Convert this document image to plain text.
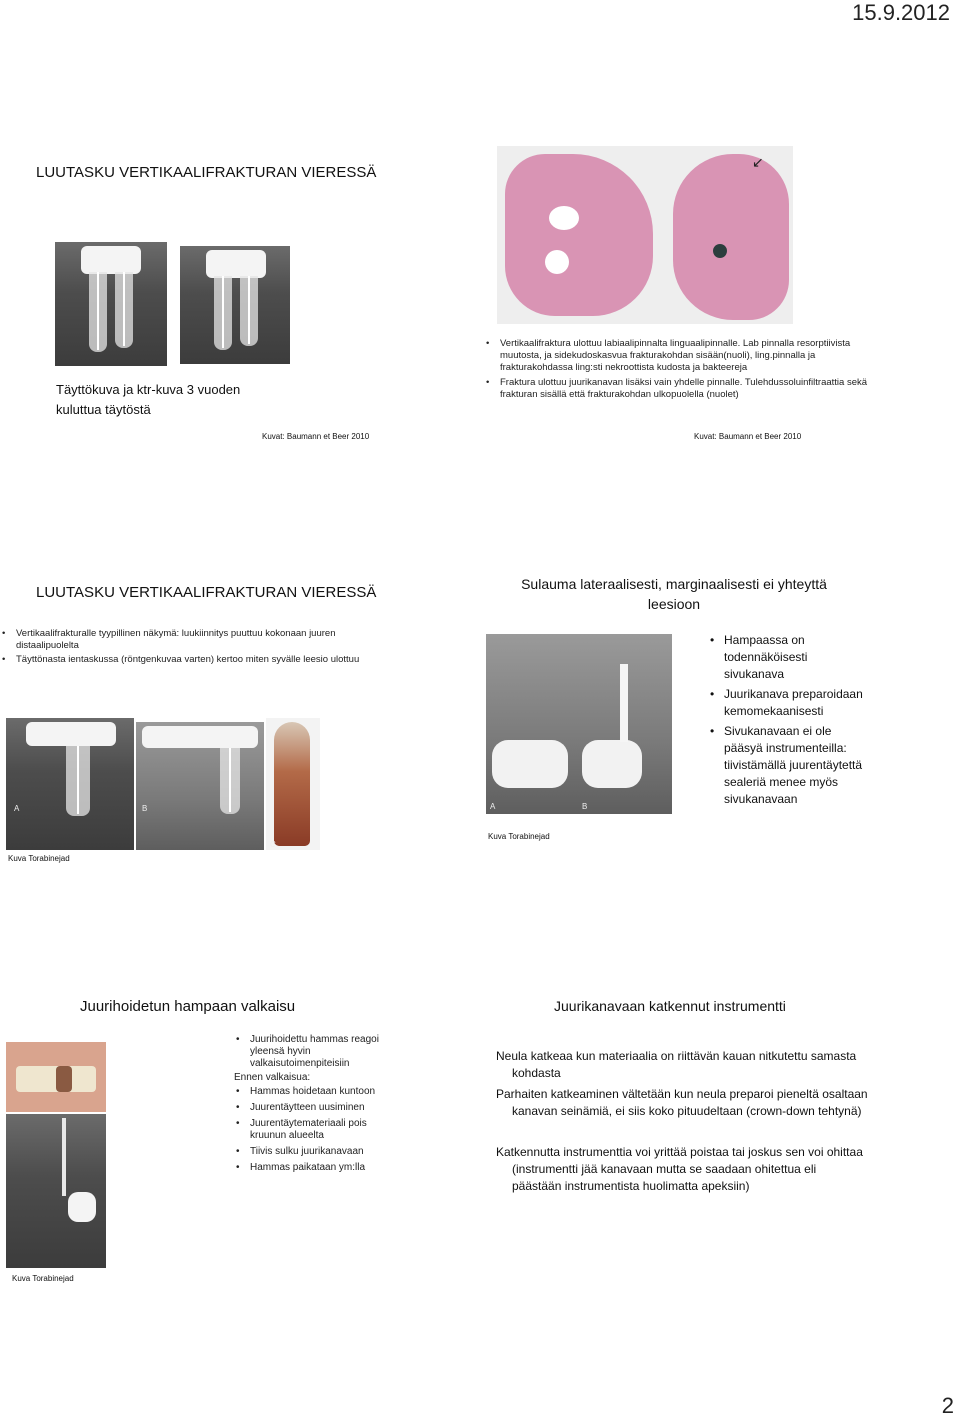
15.9.2012
LUUTASKU VERTIKAALIFRAKTURAN VIERESSÄ
Täyttökuva ja ktr-kuva 3 vuoden kuluttua täytöstä
Kuvat: Baumann et Beer 2010
↙
• Vertikaalifraktura ulottuu labiaalipinnalta linguaalipinnalle. Lab pinnalla resorptiivista muutosta, ja sidekudoskasvua frakturakohdan sisään(nuoli), ling.pinnalla ja frakturakohdassa ling:sti nekroottista kudosta ja bakteereja
• Fraktura ulottuu juurikanavan lisäksi vain yhdelle pinnalle. Tulehdussoluinfiltraattia sekä frakturan sisällä että frakturakohdan ulkopuolella (nuolet)
Kuvat: Baumann et Beer 2010
LUUTASKU VERTIKAALIFRAKTURAN VIERESSÄ
• Vertikaalifrakturalle tyypillinen näkymä: luukiinnitys puuttuu kokonaan juuren distaalipuolelta
• Täyttönasta ientaskussa (röntgenkuvaa varten) kertoo miten syvälle leesio ulottuu
A	B
C
Kuva Torabinejad
Sulauma lateraalisesti, marginaalisesti ei yhteyttä leesioon
A	B
Kuva Torabinejad
• Hampaassa on todennäköisesti sivukanava
• Juurikanava preparoidaan kemomekaanisesti
• Sivukanavaan ei ole pääsyä instrumenteilla: tiivistämällä juurentäytettä sealeriä menee myös sivukanavaan
Juurihoidetun hampaan valkaisu
Kuva Torabinejad
• Juurihoidettu hammas reagoi yleensä hyvin valkaisutoimenpiteisiin
Ennen valkaisua:
• Hammas hoidetaan kuntoon
• Juurentäytteen uusiminen
• Juurentäytemateriaali pois kruunun alueelta
• Tiivis sulku juurikanavaan
• Hammas paikataan ym:lla
Juurikanavaan katkennut instrumentti

Neula katkeaa kun materiaalia on riittävän kauan nitkutettu samasta kohdasta

Parhaiten katkeaminen vältetään kun neula preparoi pieneltä osaltaan kanavan seinämiä, ei siis koko pituudeltaan (crown-down tehtynä)

Katkennutta instrumenttia voi yrittää poistaa tai joskus sen voi ohittaa (instrumentti jää kanavaan mutta se saadaan ohitettua eli päästään instrumentista huolimatta apeksiin)

2
